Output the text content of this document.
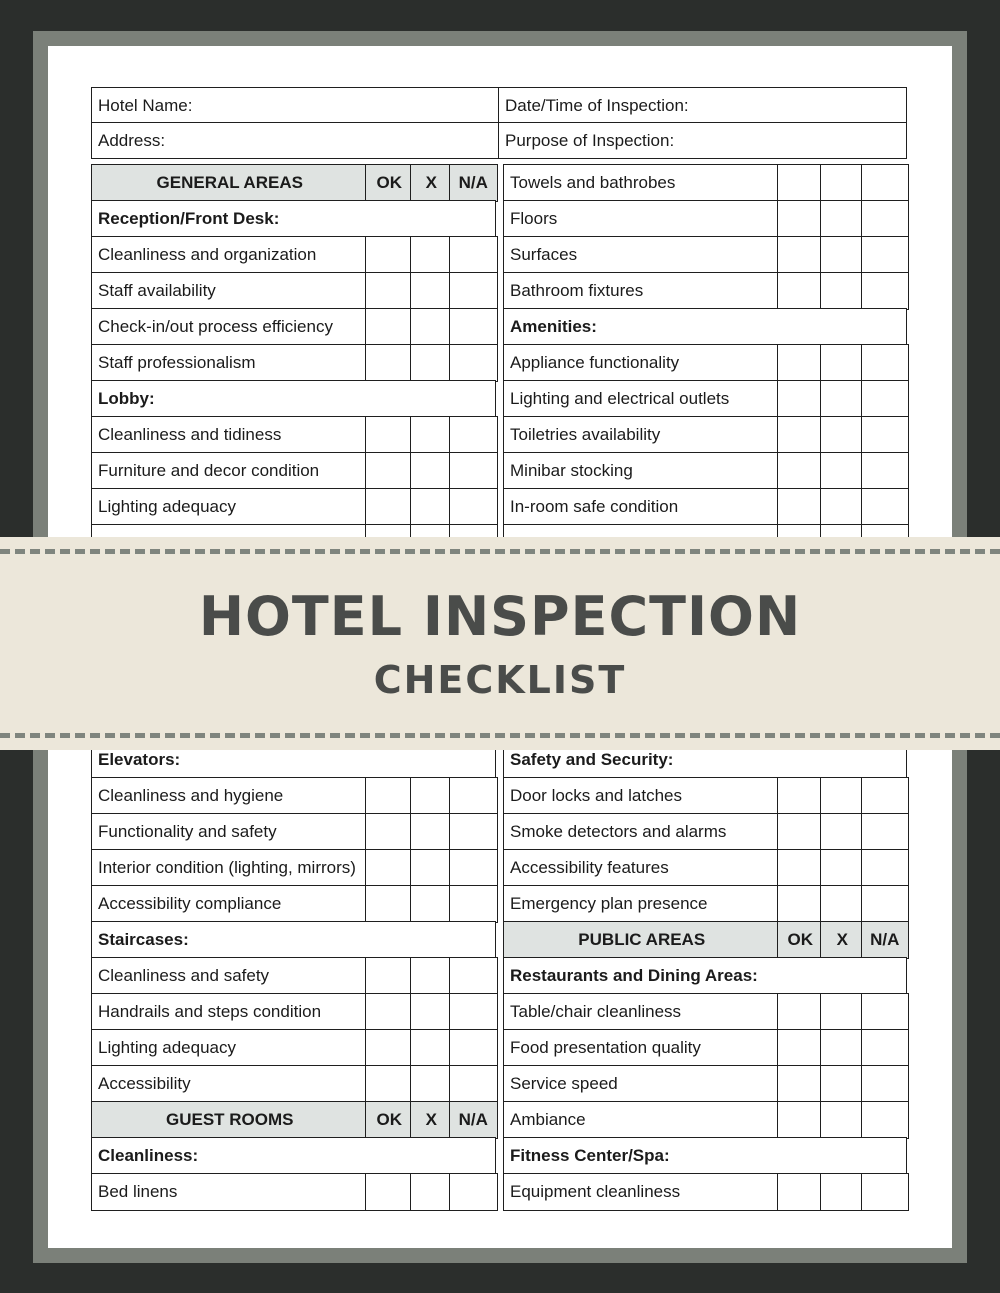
Hotel Name:	Date/Time of Inspection:
Address:	Purpose of Inspection:
GENERAL AREAS	OK	X	N/A
Reception/Front Desk:
Cleanliness and organization
Staff availability
Check-in/out process efficiency
Staff professionalism
Lobby:
Cleanliness and tidiness
Furniture and decor condition
Lighting adequacy
Towels and bathrobes
Floors
Surfaces
Bathroom fixtures
Amenities:
Appliance functionality
Lighting and electrical outlets
Toiletries availability
Minibar stocking
In-room safe condition
Elevators:
Cleanliness and hygiene
Functionality and safety
Interior condition (lighting, mirrors)
Accessibility compliance
Staircases:
Cleanliness and safety
Handrails and steps condition
Lighting adequacy
Accessibility
GUEST ROOMS	OK	X	N/A
Cleanliness:
Bed linens
Safety and Security:
Door locks and latches
Smoke detectors and alarms
Accessibility features
Emergency plan presence
PUBLIC AREAS	OK	X	N/A
Restaurants and Dining Areas:
Table/chair cleanliness
Food presentation quality
Service speed
Ambiance
Fitness Center/Spa:
Equipment cleanliness
HOTEL INSPECTION
CHECKLIST
